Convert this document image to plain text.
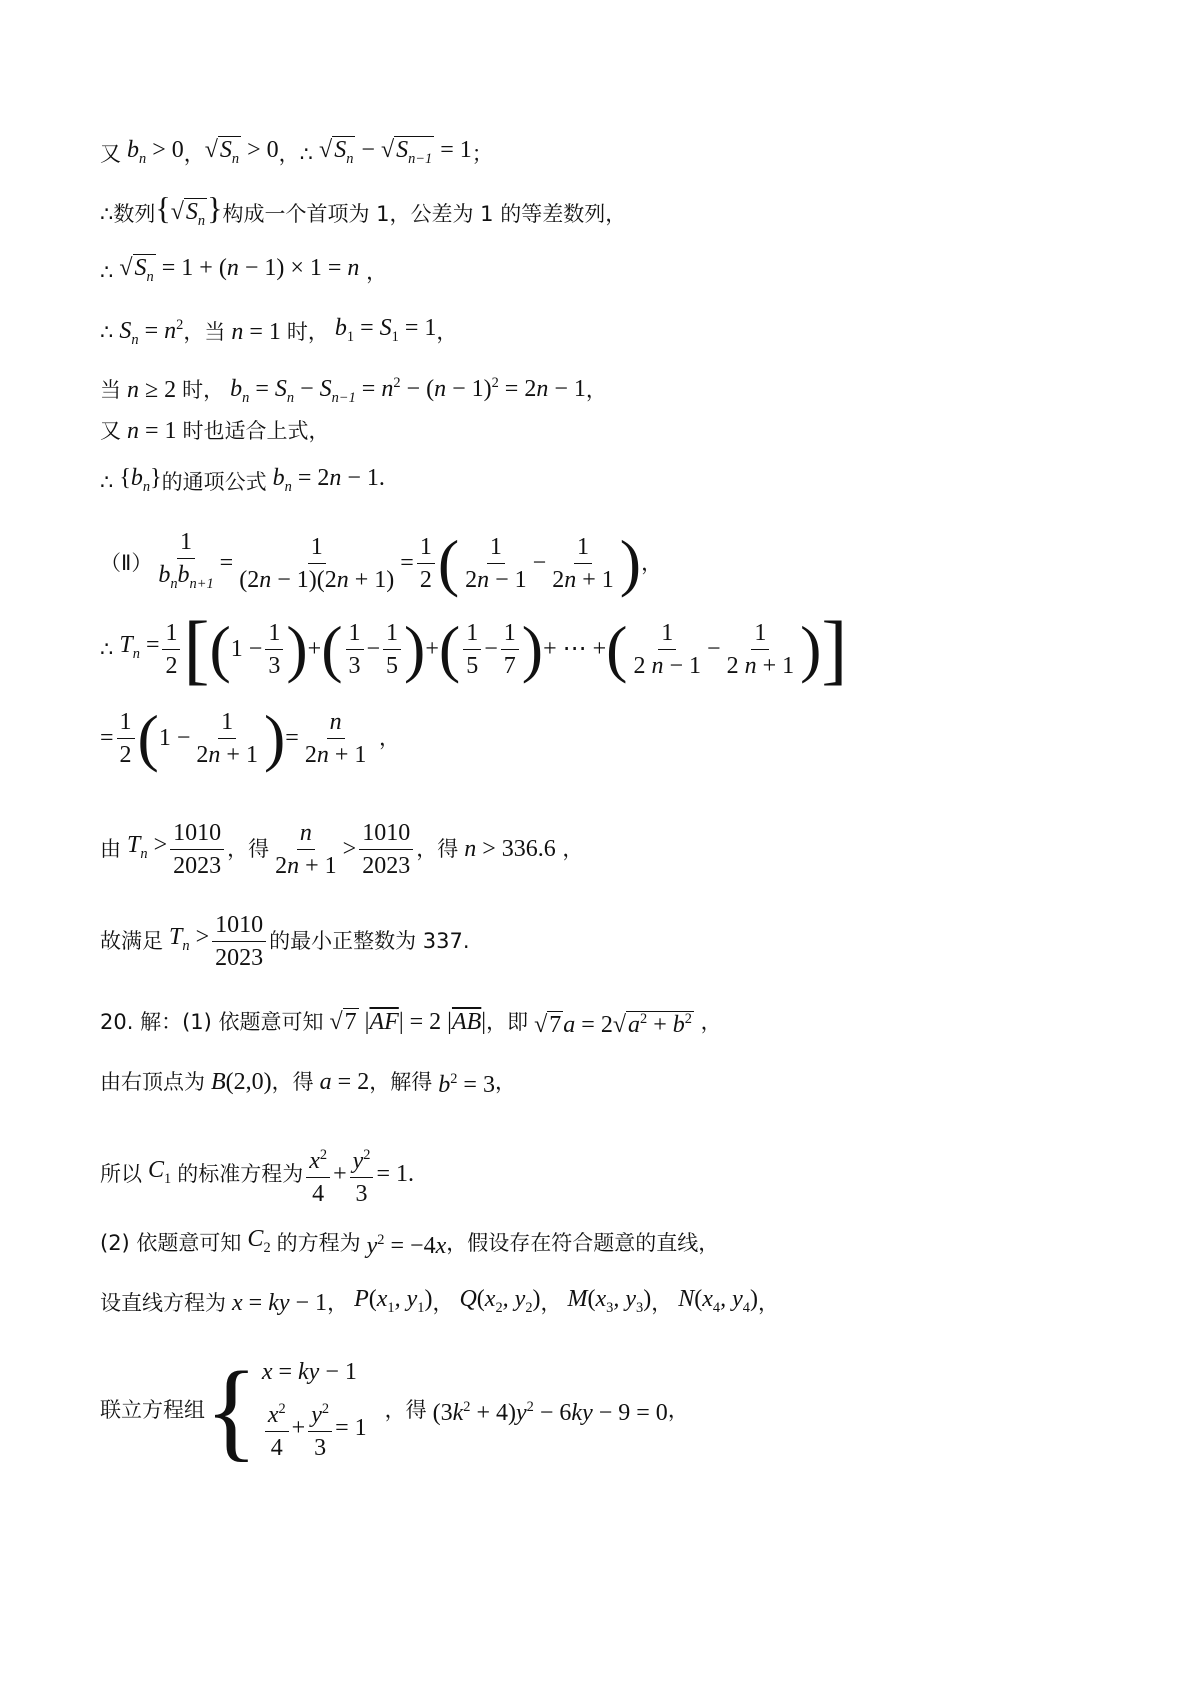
又 $b_n > 0$ ， $√S_n > 0$ ，∴ $√S_n - √S_{n-1} = 1$ ；
∴数列 $\{√S_n\}$ 构成一个首项为 1，公差为 1 的等差数列，
∴ $√S_n = 1 + (n - 1) \times 1 = n$ ，
∴ $S_n = n^2$ ，当 n = 1 时， $b_1 = S_1 = 1$ ，
当 n ≥ 2 时， $b_n = S_n - S_{n-1} = n^2 - (n - 1)^2 = 2n - 1$ ，
又 n = 1 时也适合上式，
∴ $\{b_n\}$ 的通项公式 $b_n = 2n - 1$.
（Ⅱ） $\frac{1}{b_nb_{n+1}} = \frac{1}{(2n - 1)(2n + 1)} = \frac{1}{2}$ ( $\frac{1}{2n - 1} - \frac{1}{2n + 1}$ ) ，
∴ $T_n = \frac{1}{2}$ [ ( $1 - \frac{1}{3}$ ) + ( $\frac{1}{3} - \frac{1}{5}$ ) + ( $\frac{1}{5} - \frac{1}{7}$ ) + ⋯ + ( $\frac{1}{2 n - 1} - \frac{1}{2 n + 1}$ ) ]
= $\frac{1}{2}$ ( $1 - \frac{1}{2n + 1}$ ) = $\frac{n}{2n + 1}$ ，
由 $T_n > \frac{1010}{2023}$ ，得 $\frac{n}{2n + 1} > \frac{1010}{2023}$ ，得 n > 336.6 ，
故满足 $T_n > \frac{1010}{2023}$ 的最小正整数为 337.
20. 解：(1) 依题意可知 √7 $|\overline{AF}| = 2$ $|\overline{AB}|$ ，即 $√7a = 2√a^2 + b^2$ ，
由右顶点为 B(2,0) ，得 a = 2 ，解得 $b^2 = 3$ ，
所以 $C_1$ 的标准方程为 $\frac{x^2}{4} + \frac{y^2}{3} = 1$.
(2) 依题意可知 $C_2$ 的方程为 $y^2 = -4x$ ，假设存在符合题意的直线，
设直线方程为 x = ky − 1 ， $P(x_1$, $y_1$) ， $Q(x_2$, $y_2$) ， $M(x_3$, $y_3$) ， $N(x_4$, $y_4$) ，
联立方程组 { x = ky − 1
$\frac{x^2}{4} + \frac{y^2}{3} = 1$
，得 $(3k^2 + 4)y^2 - 6ky - 9 = 0$ ，
